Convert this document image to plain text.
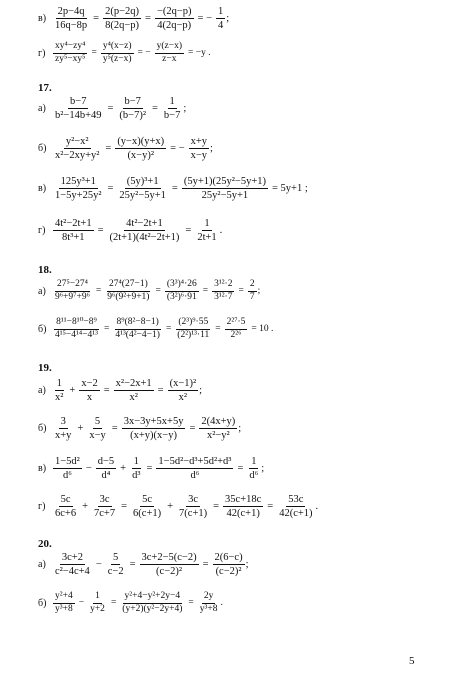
$в) \frac{2p-4q}{16q-8p} = \frac{2(p-2q)}{8(2q-p)} = \frac{-(2q-p)}{4(2q-p)}$ = − $\frac{1}{4}$ ;
$г) \frac{\text{xy⁴−zy⁴}}{\text{zy⁵−xy⁵}} = \frac{\text{y⁴(x−z)}}{\text{y⁵(z−x)}}$ = − $\frac{y(z-x)}{z-x} = -y$ .
17.
$а) \frac{b-7}{\text{b²−14b+49}} = \frac{b-7}{\text{(b−7)²}} = \frac{1}{b-7}$ ;
$б) \frac{\text{y²−x²}}{\text{x²−2xy+y²}} = \frac{(y-x)(y+x)}{\text{(x−y)²}}$ = − $\frac{x+y}{x-y}$ ;
$в) \frac{\text{125y³+1}}{\text{1−5y+25y²}} = \frac{\text{(5y)³+1}}{\text{25y²−5y+1}} = \frac{\text{(5y+1)(25y²−5y+1)}}{\text{25y²−5y+1}} = 5y+1$ ;
$г) \frac{\text{4t²−2t+1}}{\text{8t³+1}} = \frac{\text{4t²−2t+1}}{\text{(2t+1)(4t²−2t+1)}} = \frac{1}{2t+1}$ .
18.
$а) \frac{\text{27⁵−27⁴}}{\text{9⁶+9⁷+9⁶}} = \frac{\text{27⁴(27−1)}}{\text{9⁶(9²+9+1)}} = \frac{\text{(3³)⁴·26}}{\text{(3²)⁶·91}} = \frac{\text{3¹²·2}}{\text{3¹²·7}} = \frac{2}{7}$ ;
$б) \frac{\text{8¹¹−8¹⁰−8⁹}}{\text{4¹⁵−4¹⁴−4¹³}} = \frac{\text{8⁹(8²−8−1)}}{\text{4¹³(4²−4−1)}} = \frac{\text{(2³)⁹·55}}{\text{(2²)¹³·11}} = \frac{\text{2²⁷·5}}{\text{2²⁶}} = 10$ .
19.
$а) \frac{1}{\text{x²}} + \frac{x-2}{x} = \frac{\text{x²−2x+1}}{\text{x²}} = \frac{\text{(x−1)²}}{\text{x²}}$ ;
$б) \frac{3}{x+y} + \frac{5}{x-y} = \frac{3x-3y+5x+5y}{(x+y)(x-y)} = \frac{2(4x+y)}{\text{x²−y²}}$ ;
$в) \frac{\text{1−5d²}}{\text{d⁶}} - \frac{d-5}{\text{d⁴}} + \frac{1}{\text{d³}} = \frac{\text{1−5d²−d³+5d²+d³}}{\text{d⁶}} = \frac{1}{\text{d⁶}}$ ;
$г) \frac{5c}{6c+6} + \frac{3c}{7c+7} = \frac{5c}{6(c+1)} + \frac{3c}{7(c+1)} = \frac{35c+18c}{42(c+1)} = \frac{53c}{42(c+1)}$ .
20.
$а) \frac{3c+2}{\text{c²−4c+4}} - \frac{5}{c-2} = \frac{3c+2-5(c-2)}{\text{(c−2)²}} = \frac{2(6-c)}{\text{(c−2)²}}$ ;
$б) \frac{\text{y²+4}}{\text{y³+8}} - \frac{1}{y+2} = \frac{\text{y²+4−y²+2y−4}}{\text{(y+2)(y²−2y+4)}} = \frac{2y}{\text{y³+8}}$ .
5
